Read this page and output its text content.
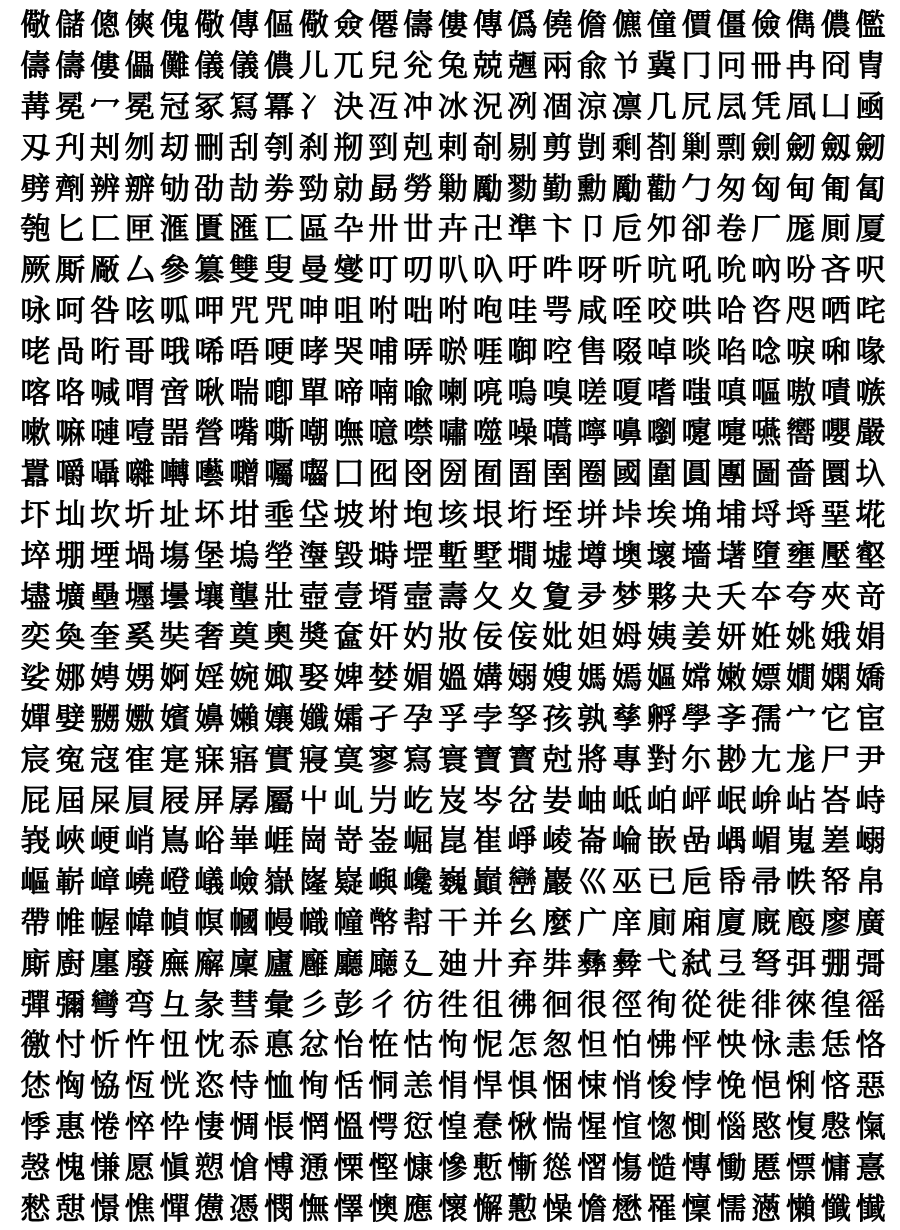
儆 儲 傯 傸 傀 儆 傳 傴 儆 僉 僊 儔 僂 傳 僞 僥 儋 儦 僮 價 僵 儉 儁 儂 儖
儔 儔 僂 儡 儺 儀 儀 儂 儿 兀 兒 兊 兔 兢 兣 兩 兪 兯 冀 冂 冋 冊 冉 冏 冑
冓 冕 冖 冕 冠 冢 冩 冪 冫 決 冱 冲 冰 況 冽 凅 涼 凛 几 凥 凨 凭 凮 凵 凾
刄 刋 刔 刎 刧 刪 刮 刳 刹 剏 剄 剋 剌 剞 剔 剪 剴 剩 剳 剿 剽 劍 劒 劔 劒
劈 劑 辨 辧 劬 劭 劼 劵 勁 勍 勗 勞 勦 勵 勠 勤 勳 勵 勸 勹 匆 匈 甸 匍 匐
匏 匕 匚 匣 滙 匱 匯 匸 區 卆 卅 丗 卉 卍 準 卞 卩 卮 夘 卻 卷 厂 厖 厠 厦
厥 厮 厰 厶 參 簒 雙 叟 曼 燮 叮 叨 叭 叺 吁 吽 呀 听 吭 吼 吮 吶 吩 吝 呎
咏 呵 咎 呟 呱 呷 咒 咒 呻 咀 咐 咄 咐 咆 哇 咢 咸 咥 咬 哄 哈 咨 咫 哂 咤
咾 咼 哘 哥 哦 唏 唔 哽 哮 哭 哺 哢 唹 啀 啣 啌 售 啜 啅 啖 啗 唸 唳 啝 喙
喀 咯 喊 喟 啻 啾 喘 喞 單 啼 喃 喩 喇 喨 嗚 嗅 嗟 嗄 嗜 嗤 嗔 嘔 嗷 嘖 嗾
嗽 嘛 嗹 噎 噐 營 嘴 嘶 嘲 嘸 噫 噤 嘯 噬 噪 嚆 嚀 嚊 嚠 嚔 嚏 嚥 嚮 嚶 嚴
囂 嚼 囁 囃 囀 囈 囎 囑 囓 囗 囮 囹 圀 囿 圄 圉 圈 國 圍 圓 團 圖 嗇 圜 圦
圷 圸 坎 圻 址 坏 坩 埀 垈 坡 坿 垉 垓 垠 垳 垤 垪 垰 埃 埆 埔 埒 埓 堊 埖
埣 堋 堙 堝 塲 堡 塢 塋 塰 毀 塒 堽 塹 墅 墹 墟 墫 墺 壞 墻 墸 墮 壅 壓 壑
壗 壙 壘 壥 壜 壤 壟 壯 壺 壹 壻 壼 壽 夂 夊 夐 夛 梦 夥 夬 夭 夲 夸 夾 竒
奕 奐 奎 奚 奘 奢 奠 奧 奬 奩 奸 妁 妝 佞 侫 妣 妲 姆 姨 姜 妍 姙 姚 娥 娟
娑 娜 娉 娚 婀 婬 婉 娵 娶 婢 婪 媚 媼 媾 嫋 嫂 媽 嫣 嫗 嫦 嫩 嫖 嫺 嫻 嬌
嬋 嬖 嬲 嫐 嬪 嬶 嬾 孃 孅 孀 孑 孕 孚 孛 孥 孩 孰 孳 孵 學 斈 孺 宀 它 宦
宸 寃 寇 寉 寔 寐 寤 實 寢 寞 寥 寫 寰 寶 寳 尅 將 專 對 尓 尠 尢 尨 尸 尹
屁 屆 屎 屓 屐 屏 孱 屬 屮 乢 屶 屹 岌 岑 岔 妛 岫 岻 岶 岼 岷 峅 岾 峇 峙
峩 峽 峺 峭 嶌 峪 崋 崕 崗 嵜 崟 崛 崑 崔 崢 崚 崙 崘 嵌 嵒 嵎 嵋 嵬 嵳 嵶
嶇 嶄 嶂 嶢 嶝 嶬 嶮 嶽 嶐 嶷 嶼 巉 巍 巓 巒 巖 巛 巫 已 巵 帋 帚 帙 帑 帛
帶 帷 幄 幃 幀 幎 幗 幔 幟 幢 幤 幇 干 并 幺 麼 广 庠 廁 廂 廈 廐 廏 廖 廣
廝 廚 廛 廢 廡 廨 廩 廬 廱 廳 廰 廴 廸 廾 弃 弉 彝 彜 弋 弑 弖 弩 弭 弸 彁
彈 彌 彎 弯 彑 彖 彗 彙 彡 彭 彳 彷 徃 徂 彿 徊 很 徑 徇 從 徙 徘 徠 徨 徭
徼 忖 忻 忤 忸 忱 忝 悳 忿 怡 恠 怙 怐 怩 怎 怱 怛 怕 怫 怦 怏 怺 恚 恁 恪
恷 恟 恊 恆 恍 恣 恃 恤 恂 恬 恫 恙 悁 悍 惧 悃 悚 悄 悛 悖 悗 悒 悧 悋 惡
悸 惠 惓 悴 忰 悽 惆 悵 惘 慍 愕 愆 惶 惷 愀 惴 惺 愃 愡 惻 惱 愍 愎 慇 愾
愨 愧 慊 愿 愼 愬 愴 愽 慂 慄 慳 慷 慘 慙 慚 慫 慴 慯 慥 慱 慟 慝 慓 慵 憙
憖 憇 憬 憔 憚 憊 憑 憫 憮 懌 懊 應 懷 懈 懃 懆 憺 懋 罹 懍 懦 懣 懶 懺 懴
